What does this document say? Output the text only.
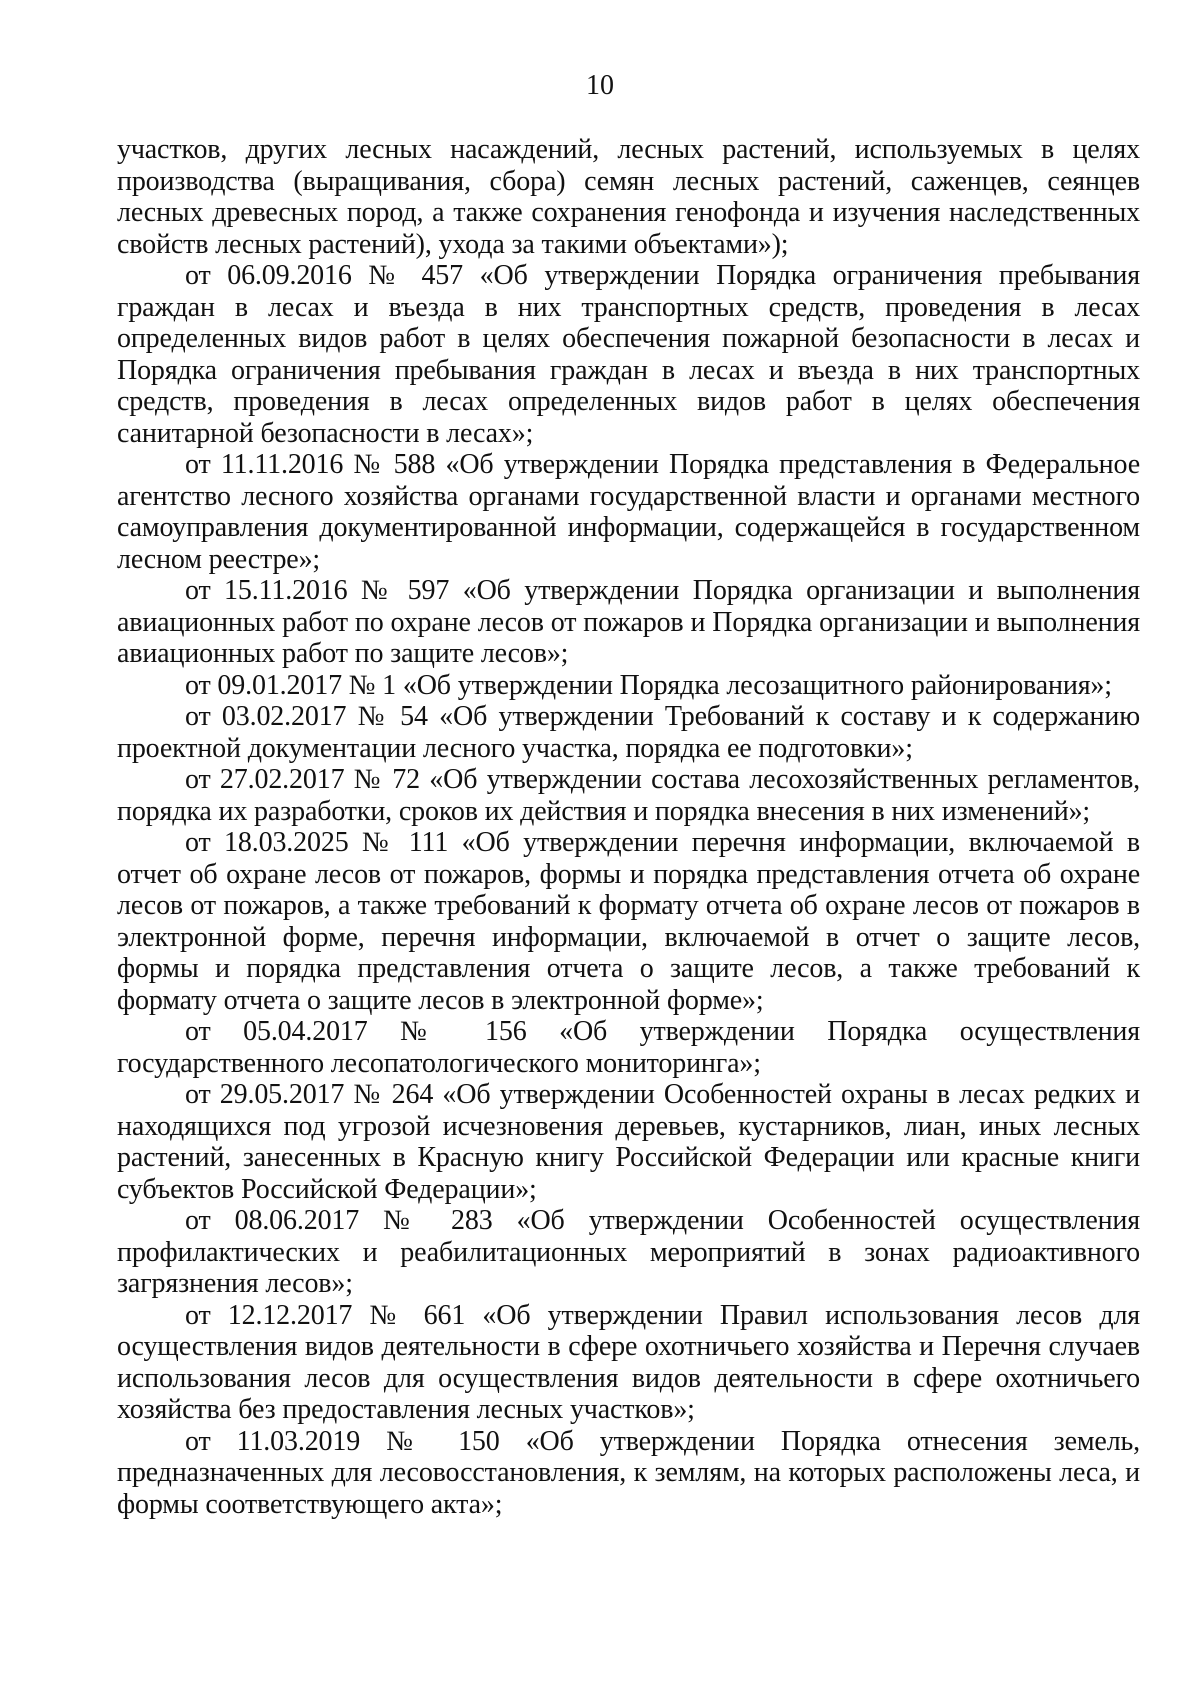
10

участков, других лесных насаждений, лесных растений, используемых в целях производства (выращивания, сбора) семян лесных растений, саженцев, сеянцев лесных древесных пород, а также сохранения генофонда и изучения наследственных свойств лесных растений), ухода за такими объектами»);

от 06.09.2016 № 457 «Об утверждении Порядка ограничения пребывания граждан в лесах и въезда в них транспортных средств, проведения в лесах определенных видов работ в целях обеспечения пожарной безопасности в лесах и Порядка ограничения пребывания граждан в лесах и въезда в них транспортных средств, проведения в лесах определенных видов работ в целях обеспечения санитарной безопасности в лесах»;

от 11.11.2016 № 588 «Об утверждении Порядка представления в Федеральное агентство лесного хозяйства органами государственной власти и органами местного самоуправления документированной информации, содержащейся в государственном лесном реестре»;

от 15.11.2016 № 597 «Об утверждении Порядка организации и выполнения авиационных работ по охране лесов от пожаров и Порядка организации и выполнения авиационных работ по защите лесов»;

от 09.01.2017 № 1 «Об утверждении Порядка лесозащитного районирования»;

от 03.02.2017 № 54 «Об утверждении Требований к составу и к содержанию проектной документации лесного участка, порядка ее подготовки»;

от 27.02.2017 № 72 «Об утверждении состава лесохозяйственных регламентов, порядка их разработки, сроков их действия и порядка внесения в них изменений»;

от 18.03.2025 № 111 «Об утверждении перечня информации, включаемой в отчет об охране лесов от пожаров, формы и порядка представления отчета об охране лесов от пожаров, а также требований к формату отчета об охране лесов от пожаров в электронной форме, перечня информации, включаемой в отчет о защите лесов, формы и порядка представления отчета о защите лесов, а также требований к формату отчета о защите лесов в электронной форме»;

от 05.04.2017 № 156 «Об утверждении Порядка осуществления государственного лесопатологического мониторинга»;

от 29.05.2017 № 264 «Об утверждении Особенностей охраны в лесах редких и находящихся под угрозой исчезновения деревьев, кустарников, лиан, иных лесных растений, занесенных в Красную книгу Российской Федерации или красные книги субъектов Российской Федерации»;

от 08.06.2017 № 283 «Об утверждении Особенностей осуществления профилактических и реабилитационных мероприятий в зонах радиоактивного загрязнения лесов»;

от 12.12.2017 № 661 «Об утверждении Правил использования лесов для осуществления видов деятельности в сфере охотничьего хозяйства и Перечня случаев использования лесов для осуществления видов деятельности в сфере охотничьего хозяйства без предоставления лесных участков»;

от 11.03.2019 № 150 «Об утверждении Порядка отнесения земель, предназначенных для лесовосстановления, к землям, на которых расположены леса, и формы соответствующего акта»;
